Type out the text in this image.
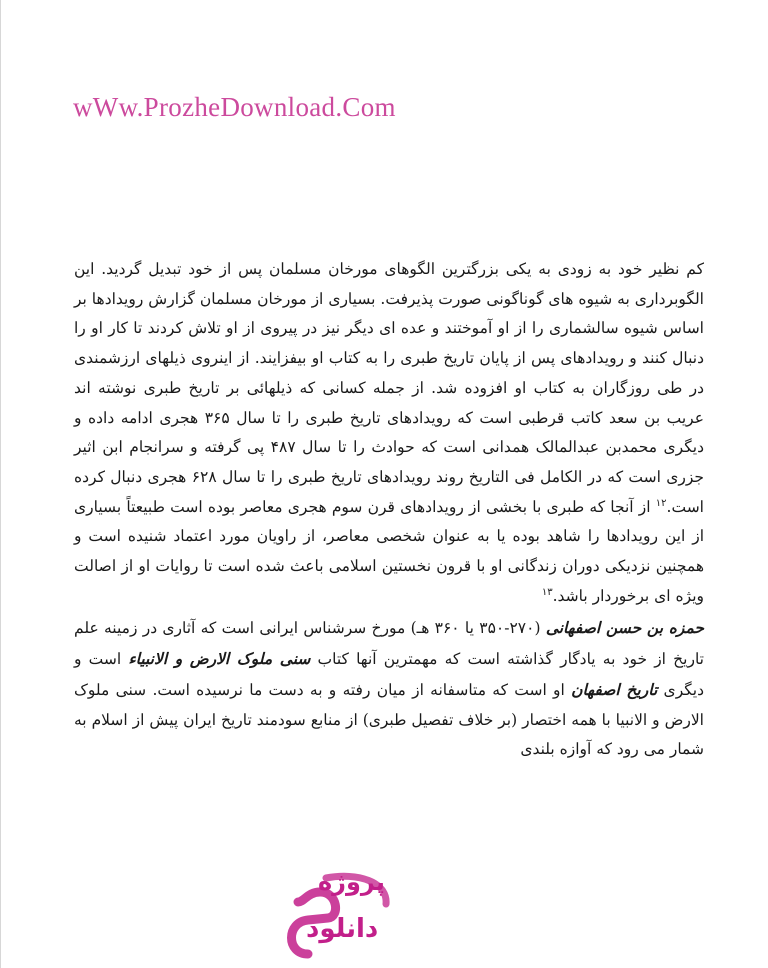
wWw.ProzheDownload.Com

کم نظیر خود به زودی به یکی بزرگترین الگوهای مورخان مسلمان پس از خود تبدیل گردید. این الگوبرداری به شیوه های گوناگونی صورت پذیرفت. بسیاری از مورخان مسلمان گزارش رویدادها بر اساس شیوه سالشماری را از او آموختند و عده ای دیگر نیز در پیروی از او تلاش کردند تا کار او را دنبال کنند و رویدادهای پس از پایان تاریخ طبری را به کتاب او بیفزایند. از اینروی ذیلهای ارزشمندی در طی روزگاران به کتاب او افزوده شد. از جمله کسانی که ذیلهائی بر تاریخ طبری نوشته اند عریب بن سعد کاتب قرطبی است که رویدادهای تاریخ طبری را تا سال ۳۶۵ هجری ادامه داده و دیگری محمدبن عبدالمالک همدانی است که حوادث را تا سال ۴۸۷ پی گرفته و سرانجام ابن اثیر جزری است که در الکامل فی التاریخ روند رویدادهای تاریخ طبری را تا سال ۶۲۸ هجری دنبال کرده است.$^{۱۲}$ از آنجا که طبری با بخشی از رویدادهای قرن سوم هجری معاصر بوده است طبیعتاً بسیاری از این رویدادها را شاهد بوده یا به عنوان شخصی معاصر، از راویان مورد اعتماد شنیده است و همچنین نزدیکی دوران زندگانی او با قرون نخستین اسلامی باعث شده است تا روایات او از اصالت ویژه ای برخوردار باشد.$^{۱۳}$

حمزه بن حسن اصفهانی (۲۷۰-۳۵۰ یا ۳۶۰ هـ) مورخ سرشناس ایرانی است که آثاری در زمینه علم تاریخ از خود به یادگار گذاشته است که مهمترین آنها کتاب سنی ملوک الارض و الانبیاء است و دیگری تاریخ اصفهان او است که متاسفانه از میان رفته و به دست ما نرسیده است. سنی ملوک الارض و الانبیا با همه اختصار (بر خلاف تفصیل طبری) از منابع سودمند تاریخ ایران پیش از اسلام به شمار می رود که آوازه بلندی

پروژه
دانلود
